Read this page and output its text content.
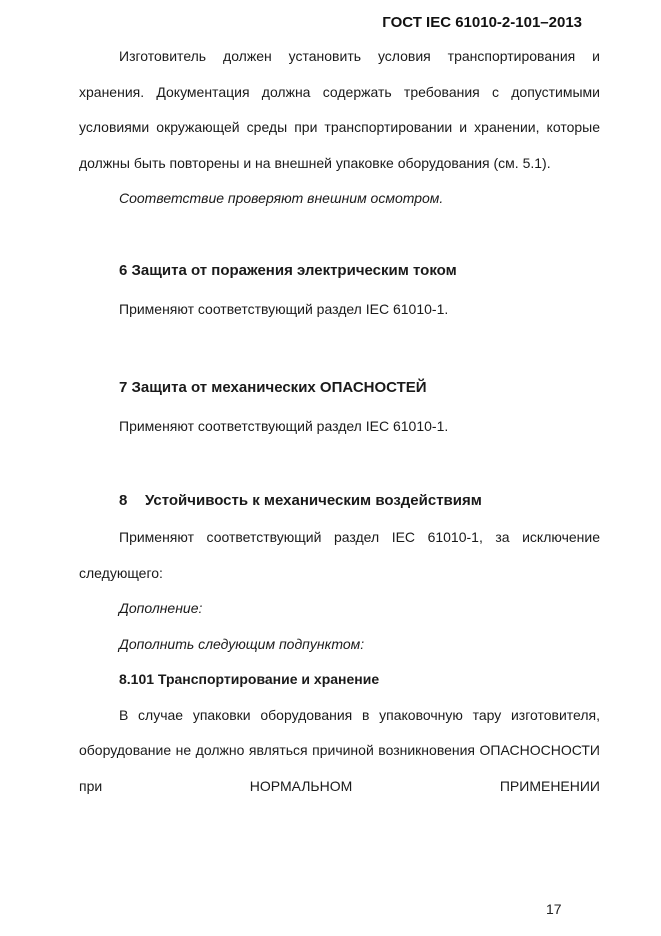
ГОСТ IEC 61010-2-101–2013

Изготовитель должен установить условия транспортирования и хранения. Документация должна содержать требования с допустимыми условиями окружающей среды при транспортировании и хранении, которые должны быть повторены и на внешней упаковке оборудования (см. 5.1).

Соответствие проверяют внешним осмотром.

6 Защита от поражения электрическим током

Применяют соответствующий раздел IEC 61010-1.

7 Защита от механических ОПАСНОСТЕЙ

Применяют соответствующий раздел IEC 61010-1.

8 Устойчивость к механическим воздействиям

Применяют соответствующий раздел IEC 61010-1, за исключение следующего:

Дополнение:

Дополнить следующим подпунктом:

8.101 Транспортирование и хранение

В случае упаковки оборудования в упаковочную тару изготовителя, оборудование не должно являться причиной возникновения ОПАСНОСНОСТИ при НОРМАЛЬНОМ ПРИМЕНЕНИИ

17
